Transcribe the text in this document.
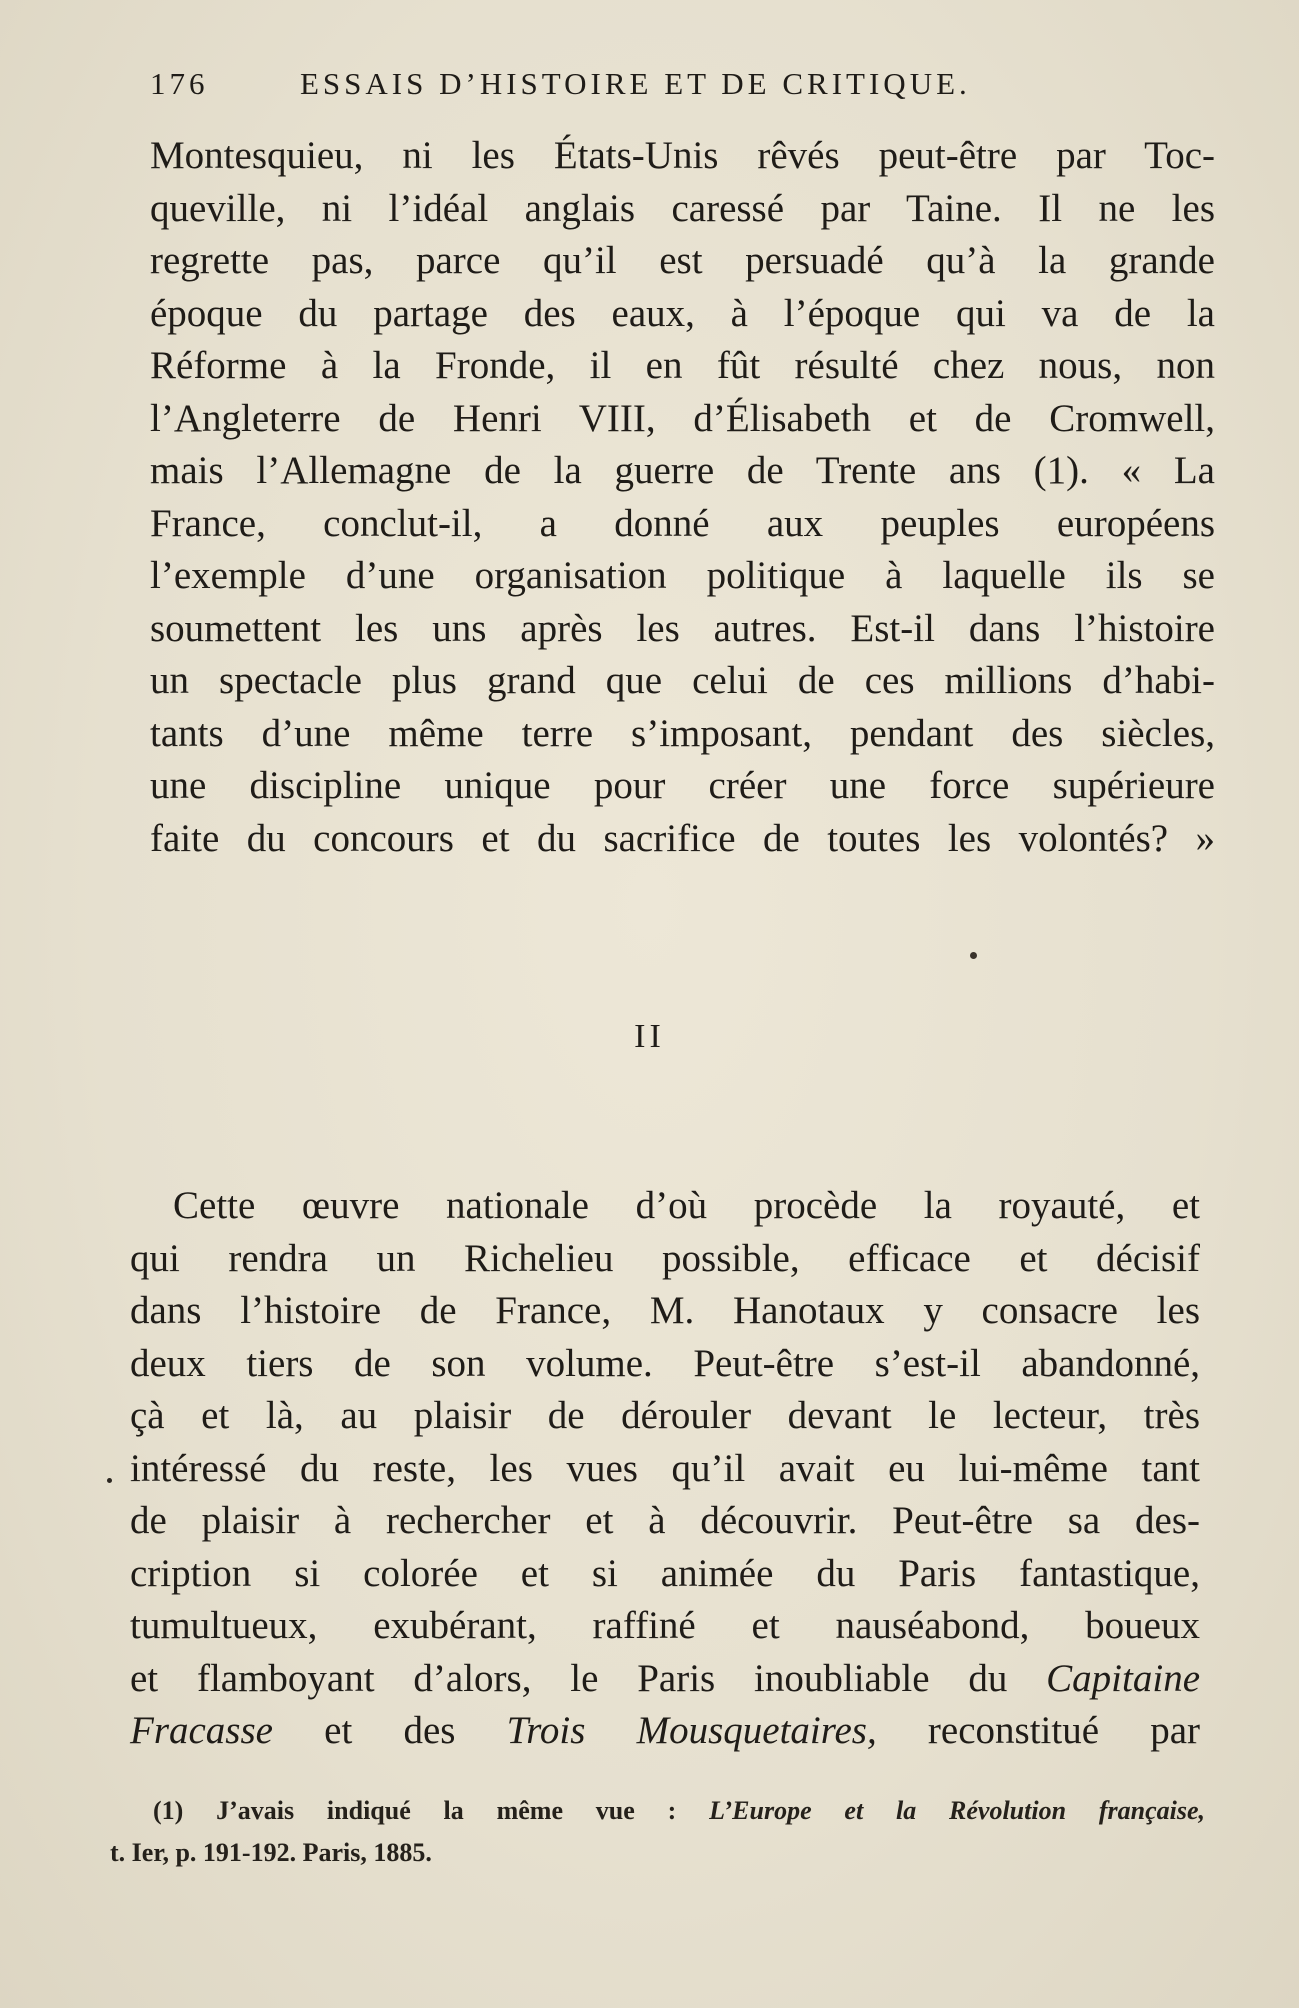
176	ESSAIS D’HISTOIRE ET DE CRITIQUE.
Montesquieu, ni les États-Unis rêvés peut-être par Toc-
queville, ni l’idéal anglais caressé par Taine. Il ne les
regrette pas, parce qu’il est persuadé qu’à la grande
époque du partage des eaux, à l’époque qui va de la
Réforme à la Fronde, il en fût résulté chez nous, non
l’Angleterre de Henri VIII, d’Élisabeth et de Cromwell,
mais l’Allemagne de la guerre de Trente ans (1). « La
France, conclut-il, a donné aux peuples européens
l’exemple d’une organisation politique à laquelle ils se
soumettent les uns après les autres. Est-il dans l’histoire
un spectacle plus grand que celui de ces millions d’habi-
tants d’une même terre s’imposant, pendant des siècles,
une discipline unique pour créer une force supérieure
faite du concours et du sacrifice de toutes les volontés? »
II
Cette œuvre nationale d’où procède la royauté, et
qui rendra un Richelieu possible, efficace et décisif
dans l’histoire de France, M. Hanotaux y consacre les
deux tiers de son volume. Peut-être s’est-il abandonné,
çà et là, au plaisir de dérouler devant le lecteur, très
intéressé du reste, les vues qu’il avait eu lui-même tant
de plaisir à rechercher et à découvrir. Peut-être sa des-
cription si colorée et si animée du Paris fantastique,
tumultueux, exubérant, raffiné et nauséabond, boueux
et flamboyant d’alors, le Paris inoubliable du Capitaine
Fracasse et des Trois Mousquetaires, reconstitué par
(1) J’avais indiqué la même vue : L’Europe et la Révolution française,
t. Ier, p. 191-192. Paris, 1885.
